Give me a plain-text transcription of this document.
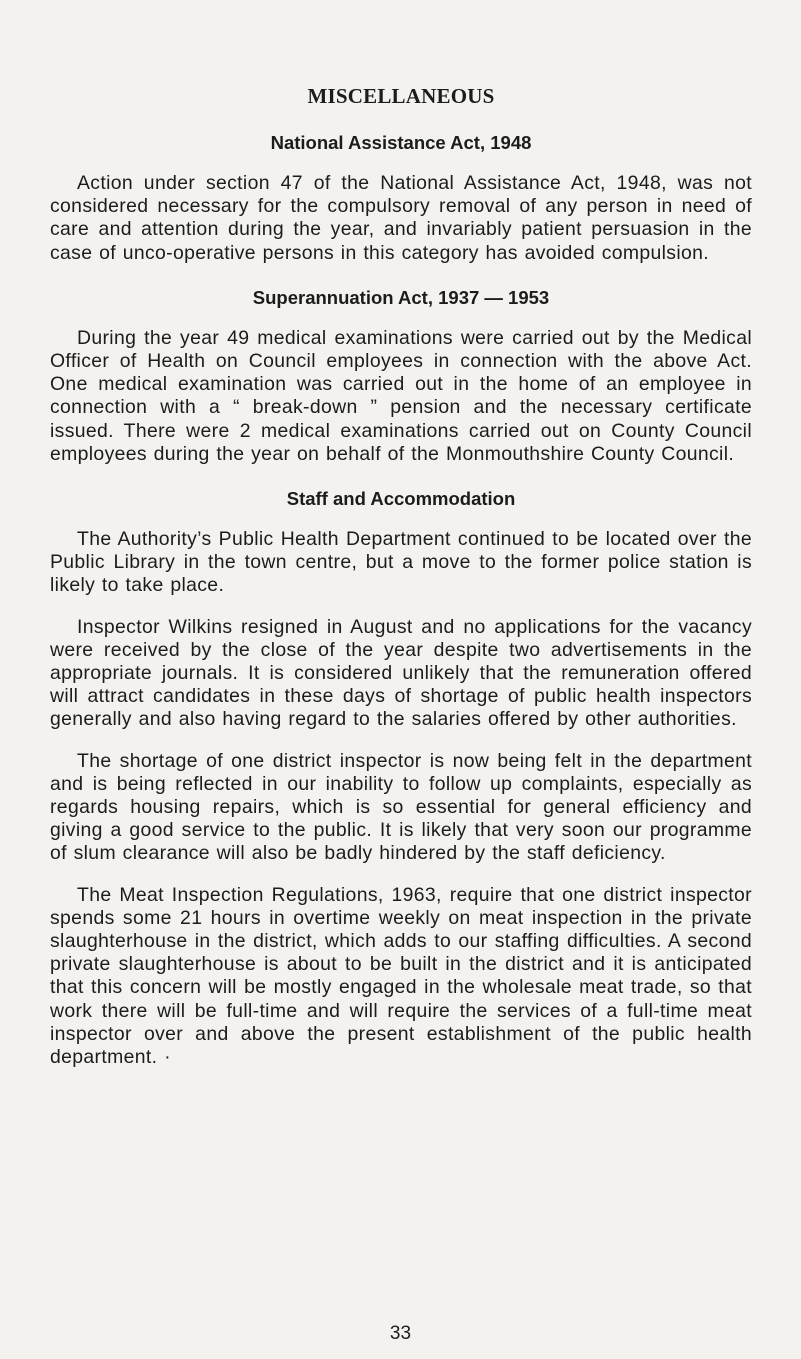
MISCELLANEOUS
National Assistance Act, 1948

Action under section 47 of the National Assistance Act, 1948, was not considered necessary for the compulsory removal of any person in need of care and attention during the year, and invariably patient persuasion in the case of unco-operative persons in this category has avoided compulsion.

Superannuation Act, 1937 — 1953

During the year 49 medical examinations were carried out by the Medical Officer of Health on Council employees in connection with the above Act. One medical examination was carried out in the home of an employee in connection with a “ break-down ” pension and the necessary certificate issued. There were 2 medical examinations carried out on County Council employees during the year on behalf of the Monmouthshire County Council.

Staff and Accommodation

The Authority’s Public Health Department continued to be located over the Public Library in the town centre, but a move to the former police station is likely to take place.

Inspector Wilkins resigned in August and no applications for the vacancy were received by the close of the year despite two advertisements in the appropriate journals. It is considered unlikely that the remuneration offered will attract candidates in these days of shortage of public health inspectors generally and also having regard to the salaries offered by other authorities.

The shortage of one district inspector is now being felt in the department and is being reflected in our inability to follow up complaints, especially as regards housing repairs, which is so essential for general efficiency and giving a good service to the public. It is likely that very soon our programme of slum clearance will also be badly hindered by the staff deficiency.

The Meat Inspection Regulations, 1963, require that one district inspector spends some 21 hours in overtime weekly on meat inspection in the private slaughterhouse in the district, which adds to our staffing difficulties. A second private slaughterhouse is about to be built in the district and it is anticipated that this concern will be mostly engaged in the wholesale meat trade, so that work there will be full-time and will require the services of a full-time meat inspector over and above the present establishment of the public health department. ·

33
